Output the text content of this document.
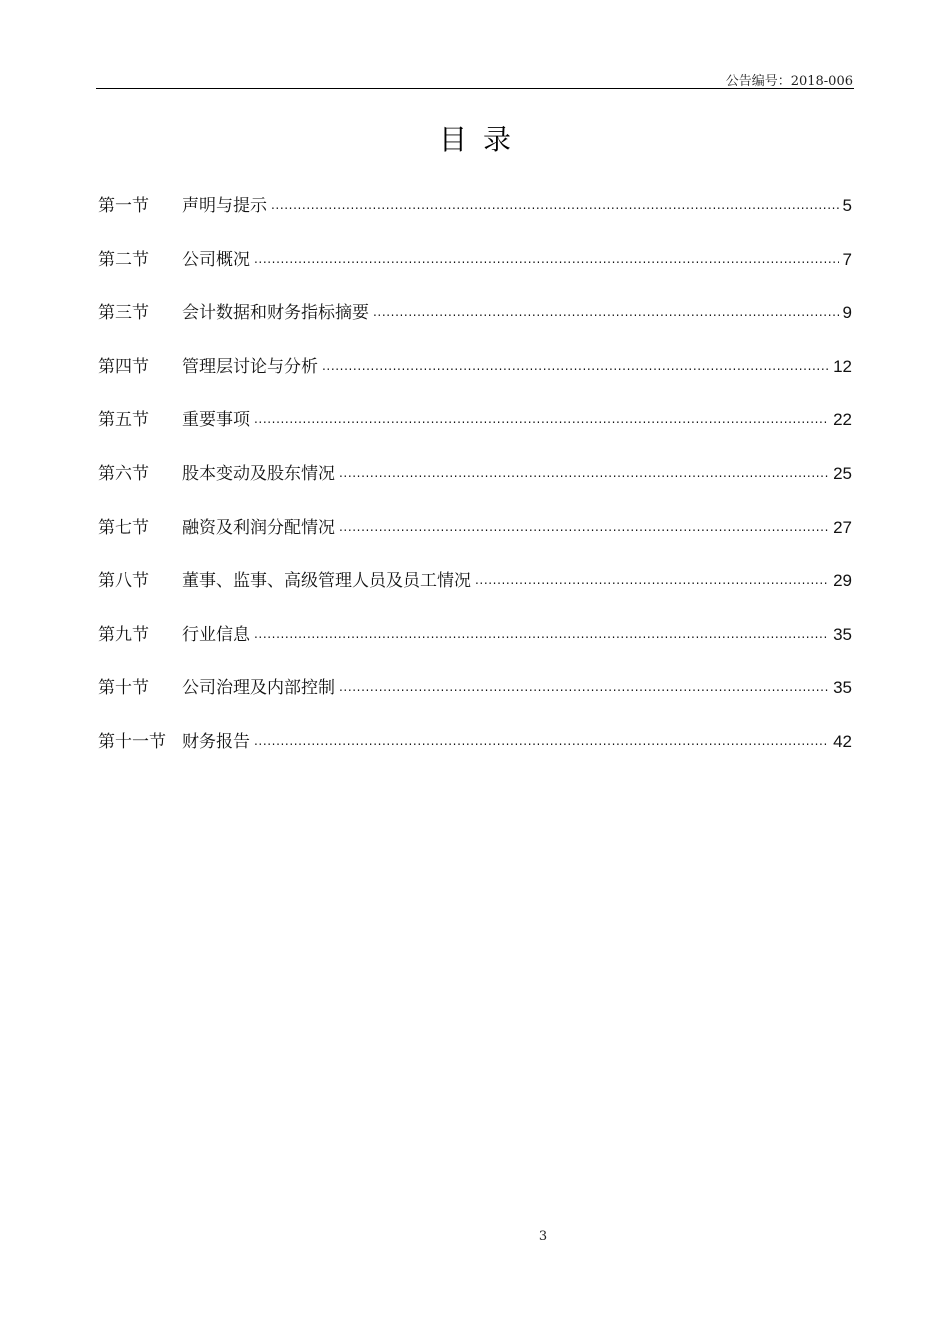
公告编号：2018-006
目录
第一节	声明与提示 .....	5
第二节	公司概况 .....	7
第三节	会计数据和财务指标摘要 .....	9
第四节	管理层讨论与分析 .....	12
第五节	重要事项 .....	22
第六节	股本变动及股东情况 .....	25
第七节	融资及利润分配情况 .....	27
第八节	董事、监事、高级管理人员及员工情况 .....	29
第九节	行业信息 .....	35
第十节	公司治理及内部控制 .....	35
第十一节 财务报告 .....	42
3
